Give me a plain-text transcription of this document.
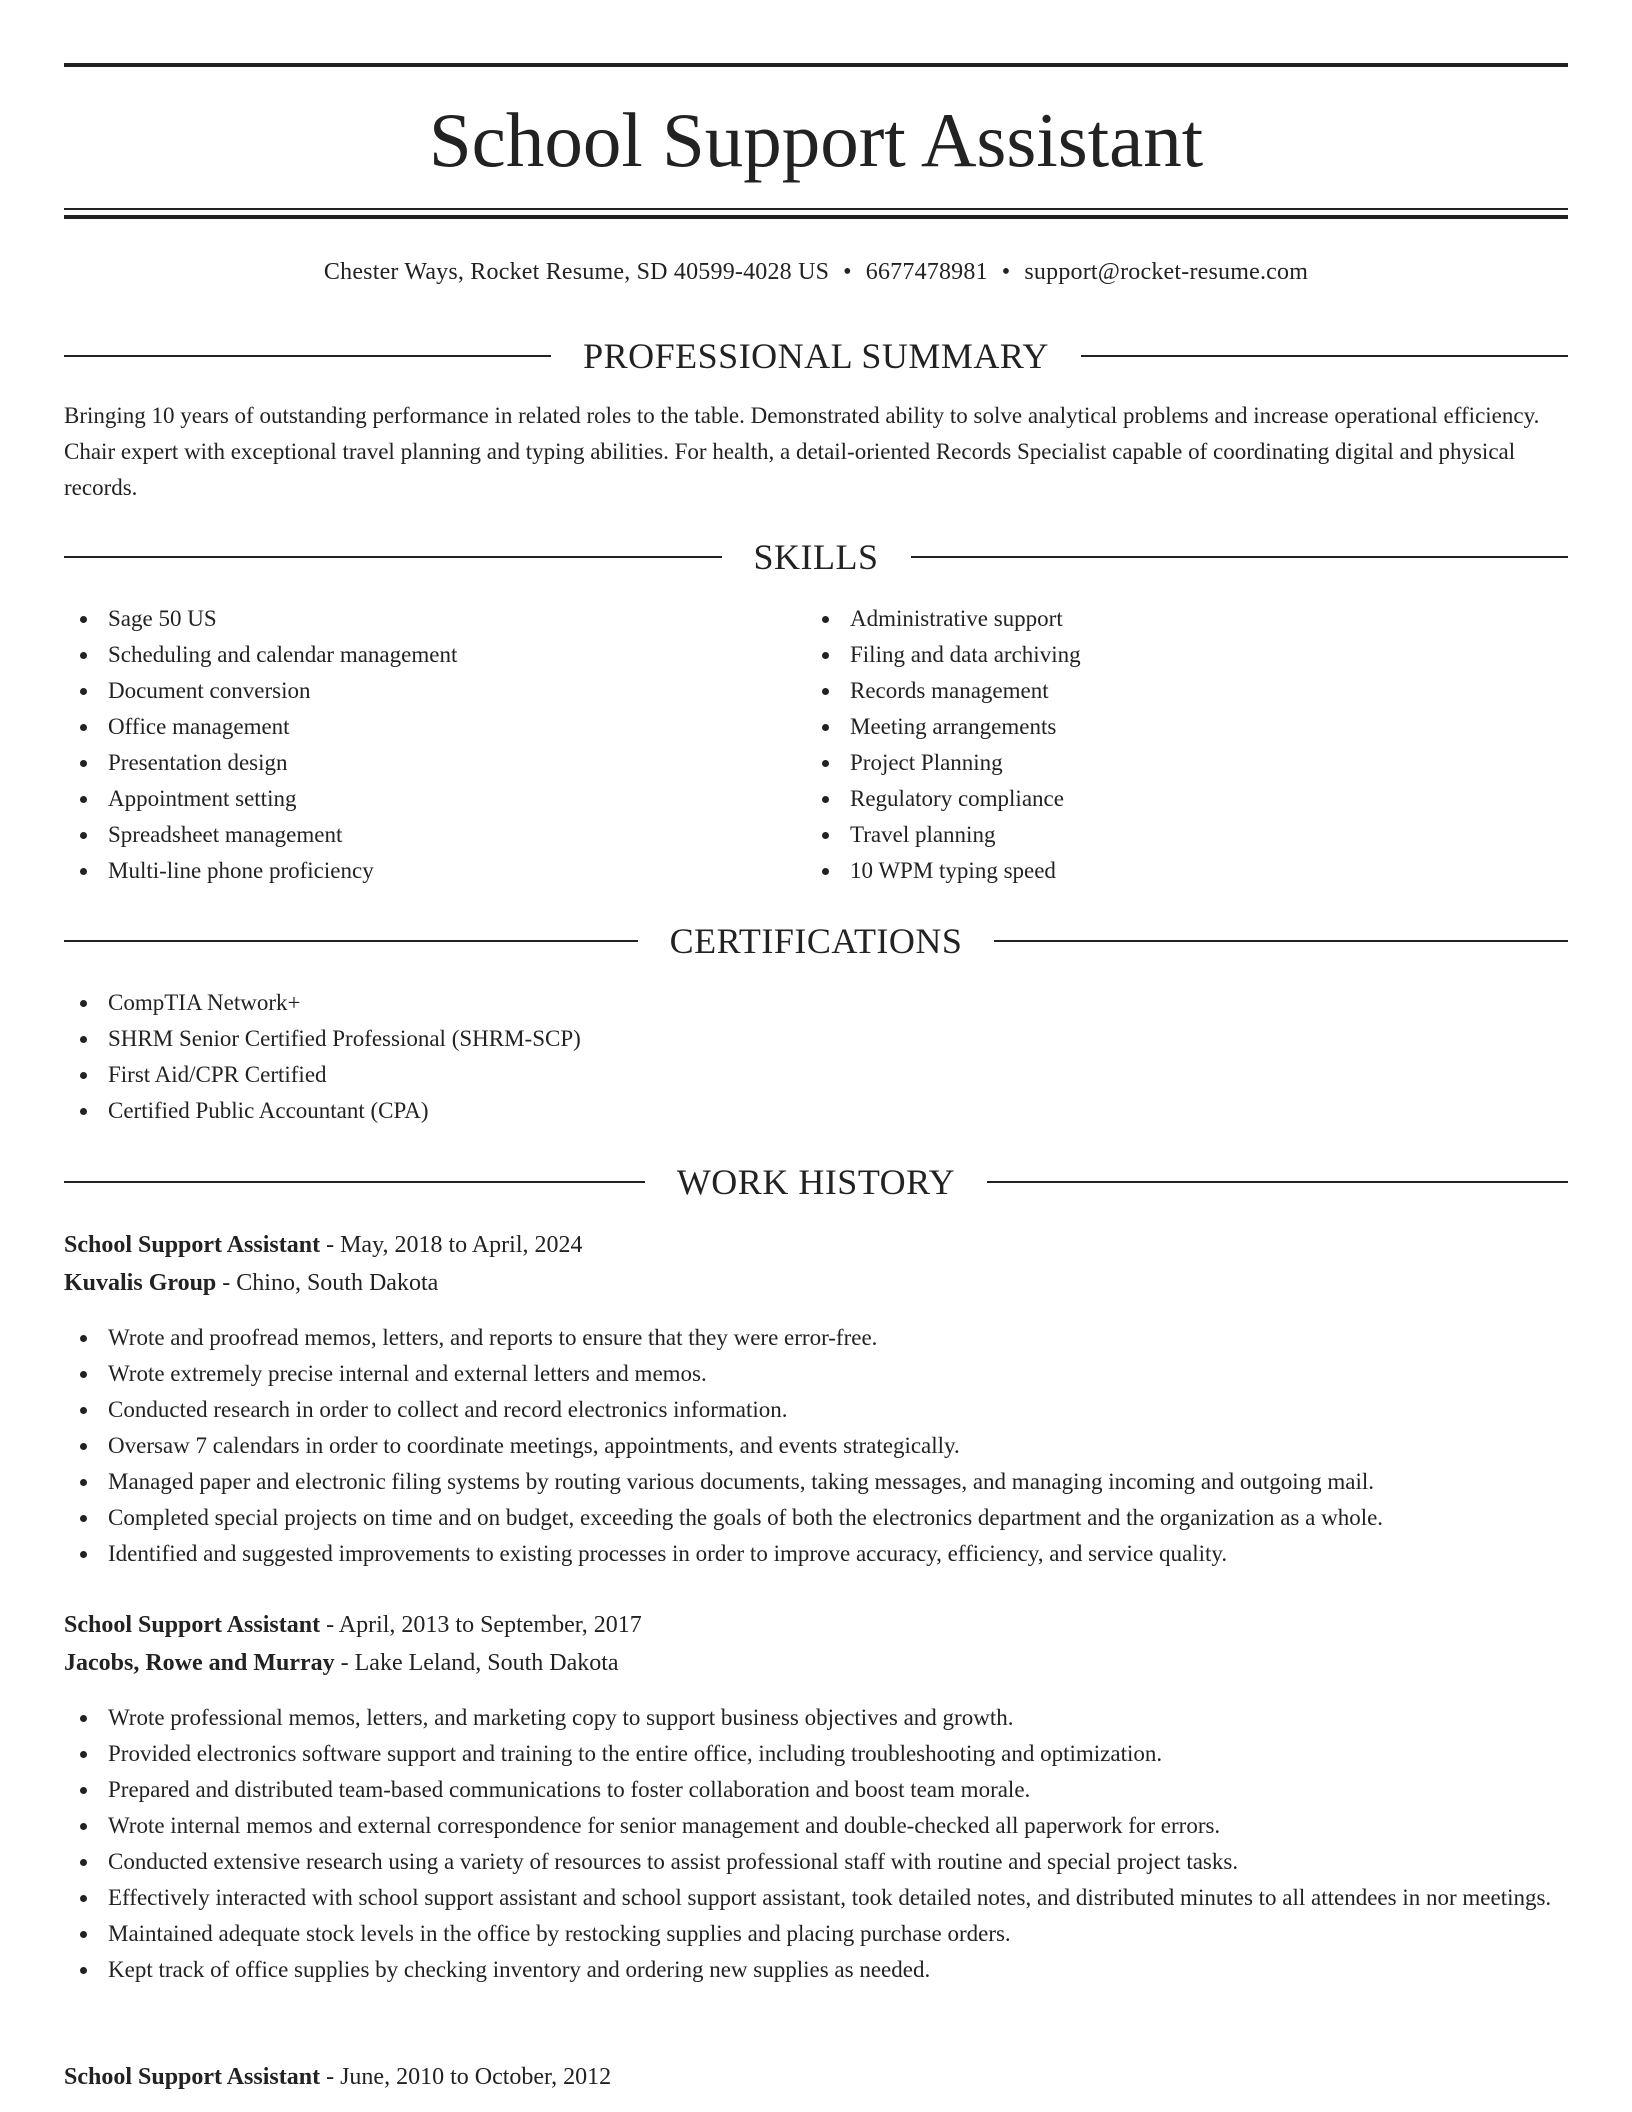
School Support Assistant
Chester Ways, Rocket Resume, SD 40599-4028 US • 6677478981 • support@rocket-resume.com
PROFESSIONAL SUMMARY

Bringing 10 years of outstanding performance in related roles to the table. Demonstrated ability to solve analytical problems and increase operational efficiency. Chair expert with exceptional travel planning and typing abilities. For health, a detail-oriented Records Specialist capable of coordinating digital and physical records.

SKILLS
Sage 50 US
Scheduling and calendar management
Document conversion
Office management
Presentation design
Appointment setting
Spreadsheet management
Multi-line phone proficiency
Administrative support
Filing and data archiving
Records management
Meeting arrangements
Project Planning
Regulatory compliance
Travel planning
10 WPM typing speed
CERTIFICATIONS
CompTIA Network+
SHRM Senior Certified Professional (SHRM-SCP)
First Aid/CPR Certified
Certified Public Accountant (CPA)
WORK HISTORY
School Support Assistant - May, 2018 to April, 2024
Kuvalis Group - Chino, South Dakota
Wrote and proofread memos, letters, and reports to ensure that they were error-free.
Wrote extremely precise internal and external letters and memos.
Conducted research in order to collect and record electronics information.
Oversaw 7 calendars in order to coordinate meetings, appointments, and events strategically.
Managed paper and electronic filing systems by routing various documents, taking messages, and managing incoming and outgoing mail.
Completed special projects on time and on budget, exceeding the goals of both the electronics department and the organization as a whole.
Identified and suggested improvements to existing processes in order to improve accuracy, efficiency, and service quality.
School Support Assistant - April, 2013 to September, 2017
Jacobs, Rowe and Murray - Lake Leland, South Dakota
Wrote professional memos, letters, and marketing copy to support business objectives and growth.
Provided electronics software support and training to the entire office, including troubleshooting and optimization.
Prepared and distributed team-based communications to foster collaboration and boost team morale.
Wrote internal memos and external correspondence for senior management and double-checked all paperwork for errors.
Conducted extensive research using a variety of resources to assist professional staff with routine and special project tasks.
Effectively interacted with school support assistant and school support assistant, took detailed notes, and distributed minutes to all attendees in nor meetings.
Maintained adequate stock levels in the office by restocking supplies and placing purchase orders.
Kept track of office supplies by checking inventory and ordering new supplies as needed.
School Support Assistant - June, 2010 to October, 2012
